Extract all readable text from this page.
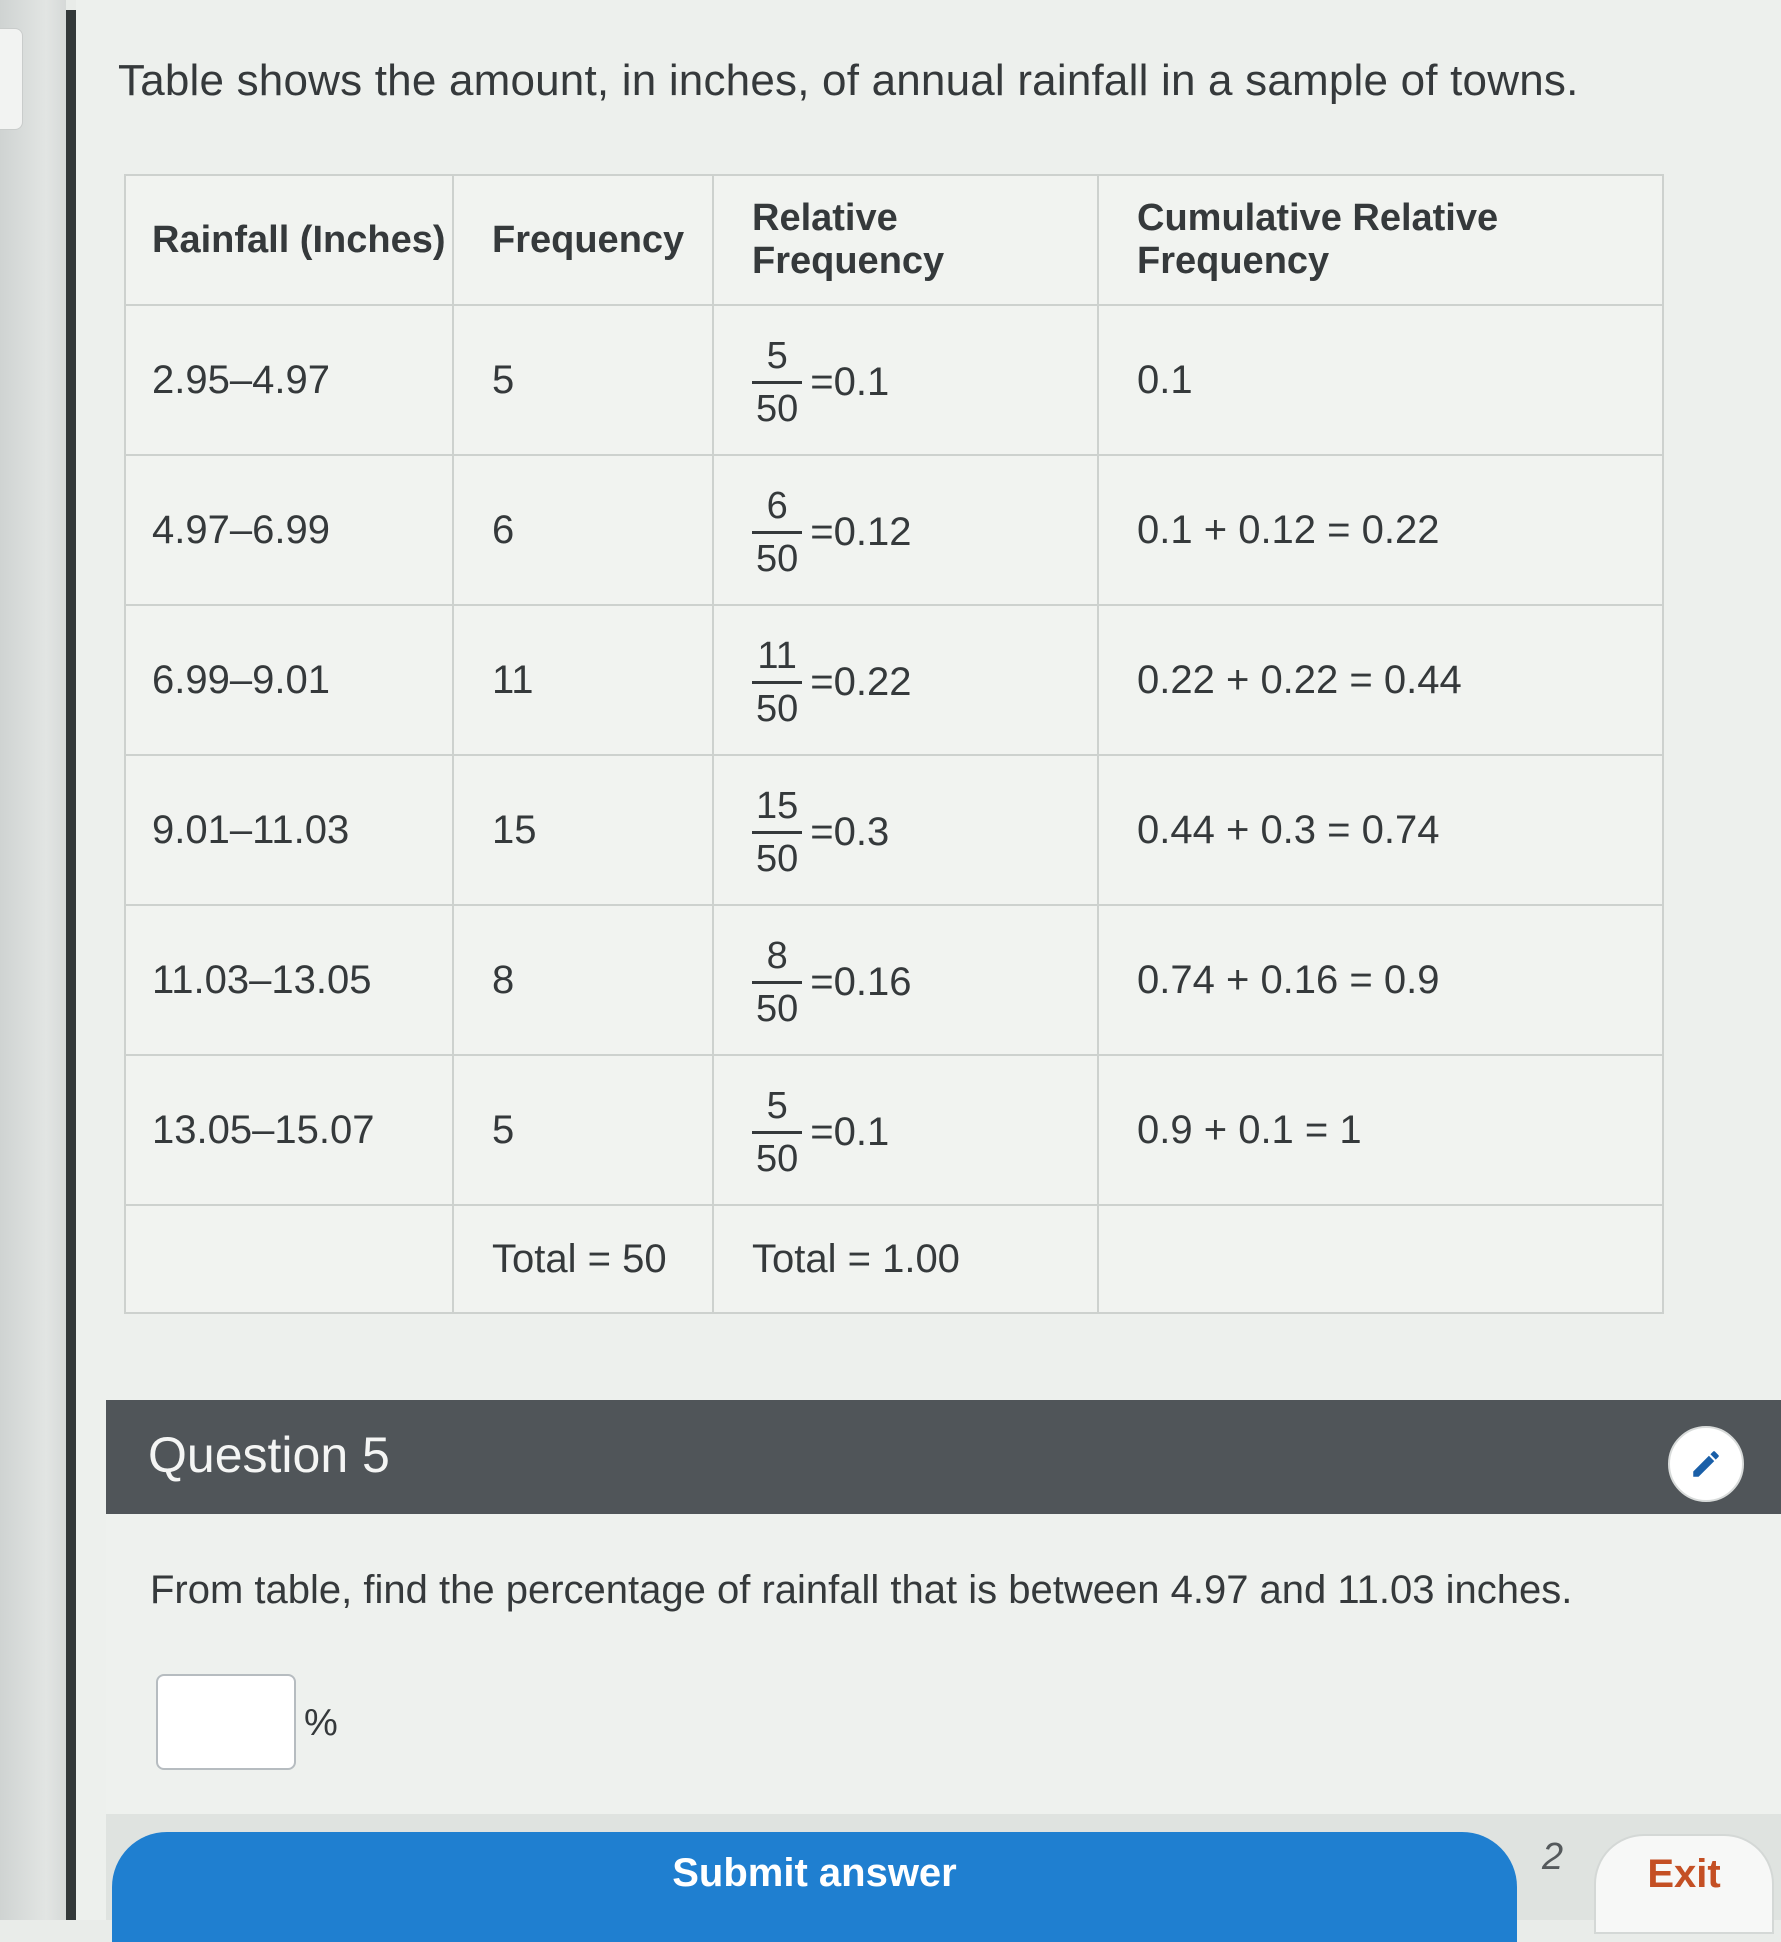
Table shows the amount, in inches, of annual rainfall in a sample of towns.

Rainfall (Inches)	Frequency	Relative Frequency	Cumulative Relative Frequency
2.95–4.97	5	$\frac{5}{50} =0.1$	0.1
4.97–6.99	6	$\frac{6}{50} =0.12$	0.1 + 0.12 = 0.22
6.99–9.01	11	$\frac{11}{50} =0.22$	0.22 + 0.22 = 0.44
9.01–11.03	15	$\frac{15}{50} =0.3$	0.44 + 0.3 = 0.74
11.03–13.05	8	$\frac{8}{50} =0.16$	0.74 + 0.16 = 0.9
13.05–15.07	5	$\frac{5}{50} =0.1$	0.9 + 0.1 = 1
	Total = 50	Total = 1.00	
Question 5

From table, find the percentage of rainfall that is between 4.97 and 11.03 inches.

%
Submit answer	2	Exit
